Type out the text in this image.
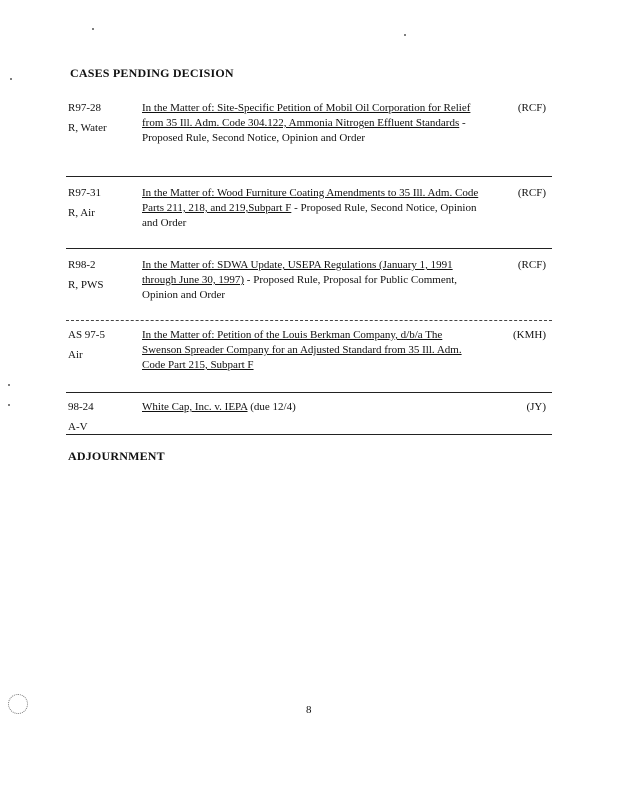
CASES PENDING DECISION
R97-28
R, Water
In the Matter of: Site-Specific Petition of Mobil Oil Corporation for Relief from 35 Ill. Adm. Code 304.122, Ammonia Nitrogen Effluent Standards - Proposed Rule, Second Notice, Opinion and Order
(RCF)
R97-31
R, Air
In the Matter of: Wood Furniture Coating Amendments to 35 Ill. Adm. Code Parts 211, 218, and 219,Subpart F - Proposed Rule, Second Notice, Opinion and Order
(RCF)
R98-2
R, PWS
In the Matter of: SDWA Update, USEPA Regulations (January 1, 1991 through June 30, 1997) - Proposed Rule, Proposal for Public Comment, Opinion and Order
(RCF)
AS 97-5
Air
In the Matter of: Petition of the Louis Berkman Company, d/b/a The Swenson Spreader Company for an Adjusted Standard from 35 Ill. Adm. Code Part 215, Subpart F
(KMH)
98-24
A-V
White Cap, Inc. v. IEPA (due 12/4)	(JY)
ADJOURNMENT
8
